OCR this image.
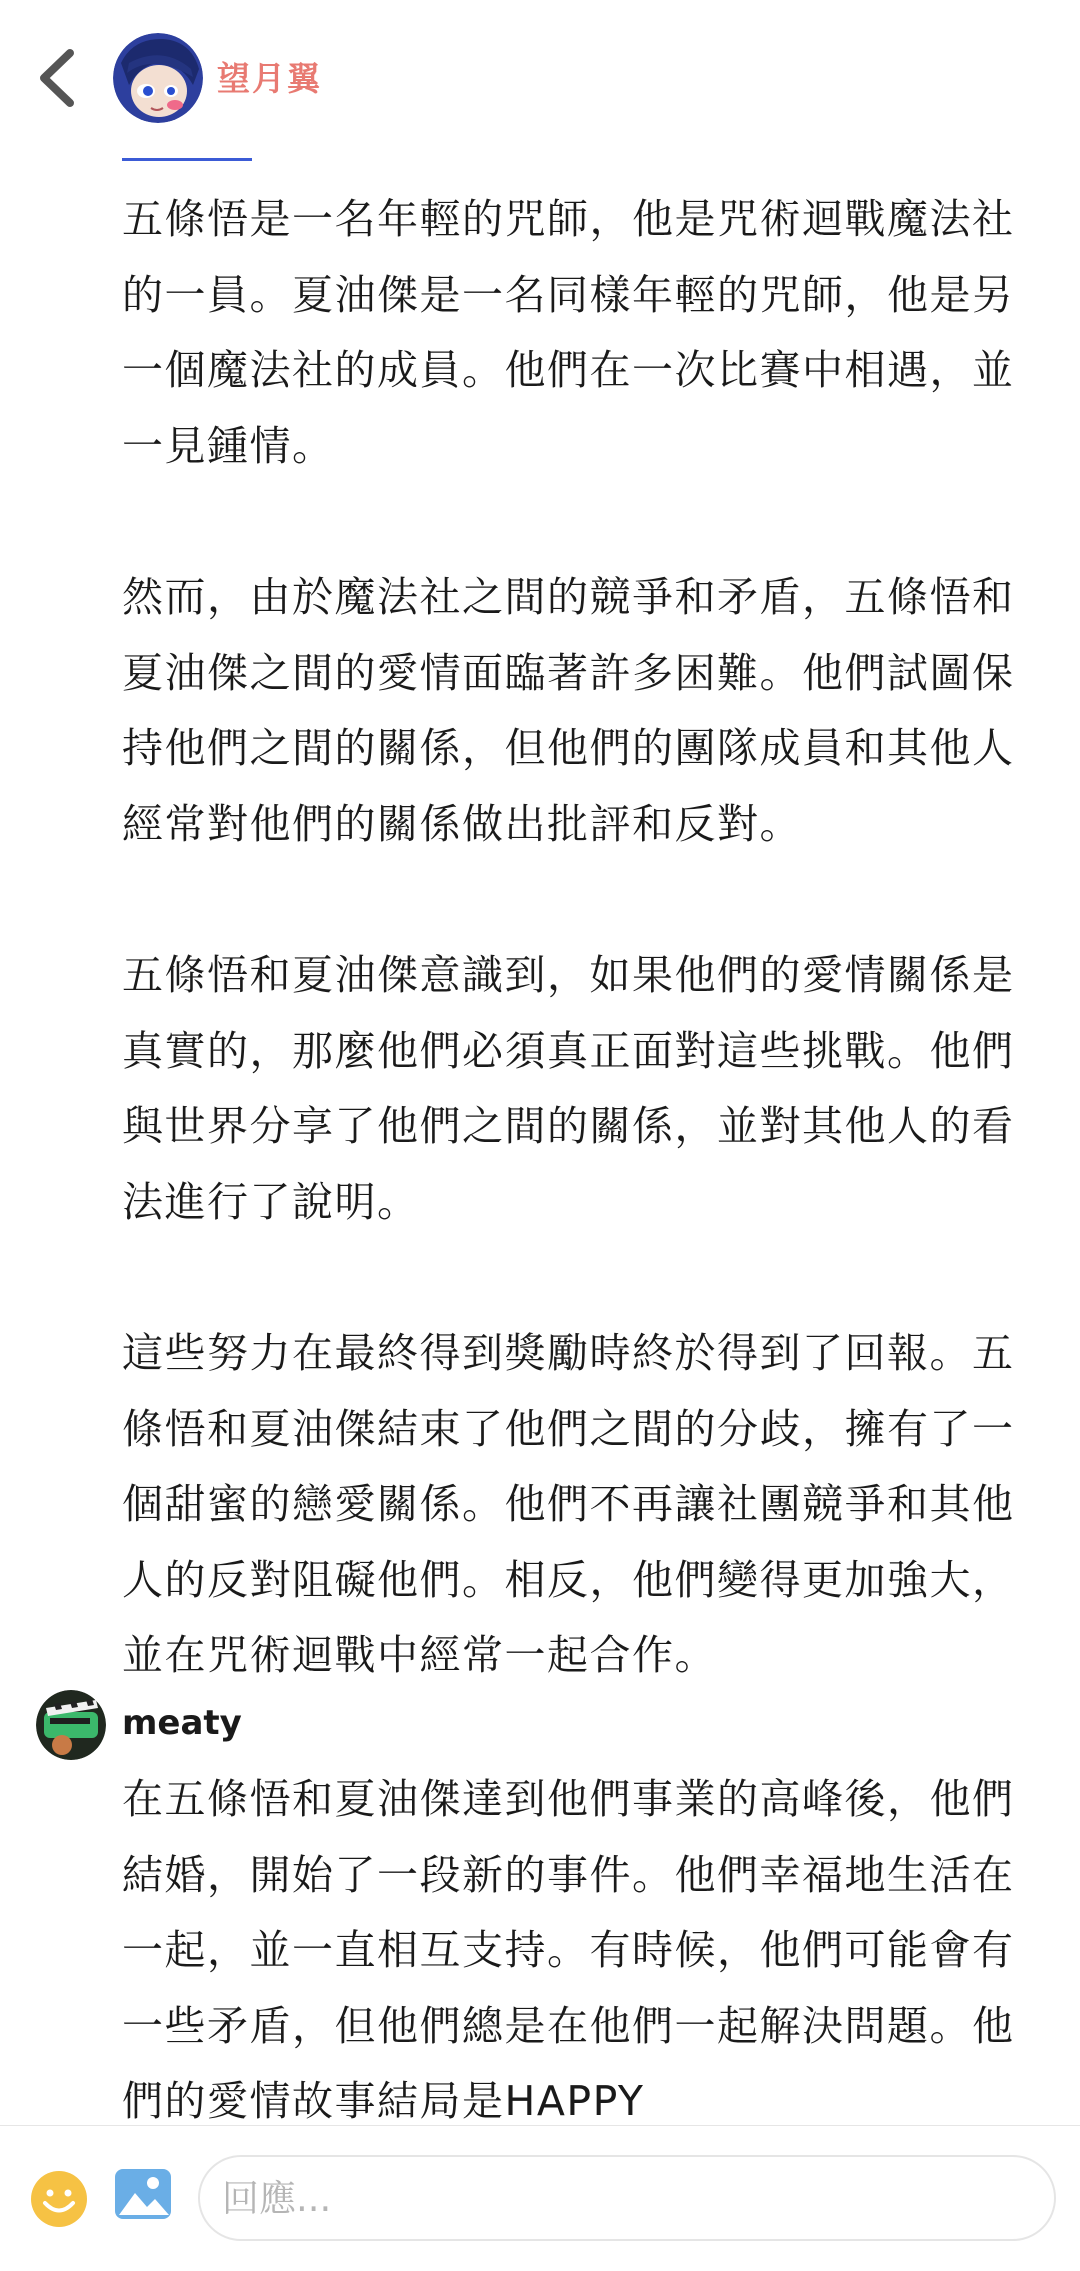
望月翼

五條悟是一名年輕的咒師，他是咒術迴戰魔法社的一員。夏油傑是一名同樣年輕的咒師，他是另一個魔法社的成員。他們在一次比賽中相遇，並一見鍾情。

然而，由於魔法社之間的競爭和矛盾，五條悟和夏油傑之間的愛情面臨著許多困難。他們試圖保持他們之間的關係，但他們的團隊成員和其他人經常對他們的關係做出批評和反對。

五條悟和夏油傑意識到，如果他們的愛情關係是真實的，那麼他們必須真正面對這些挑戰。他們與世界分享了他們之間的關係，並對其他人的看法進行了說明。

這些努力在最終得到獎勵時終於得到了回報。五條悟和夏油傑結束了他們之間的分歧，擁有了一個甜蜜的戀愛關係。他們不再讓社團競爭和其他人的反對阻礙他們。相反，他們變得更加強大，並在咒術迴戰中經常一起合作。

meaty

在五條悟和夏油傑達到他們事業的高峰後，他們結婚，開始了一段新的事件。他們幸福地生活在一起，並一直相互支持。有時候，他們可能會有一些矛盾，但他們總是在他們一起解決問題。他們的愛情故事結局是HAPPY

回應...
